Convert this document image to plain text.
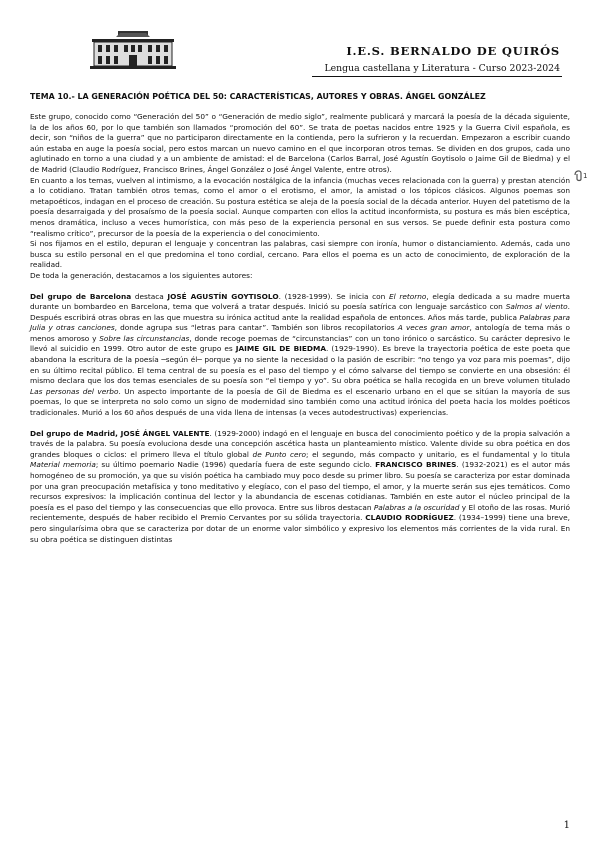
I.E.S. BERNALDO DE QUIRÓS
Lengua castellana y Literatura - Curso 2023-2024
TEMA 10.- LA GENERACIÓN POÉTICA DEL 50: CARACTERÍSTICAS, AUTORES Y OBRAS. ÁNGEL GONZÁLEZ
1

Este grupo, conocido como “Generación del 50” o “Generación de medio siglo”, realmente publicará y marcará la poesía de la década siguiente, la de los años 60, por lo que también son llamados “promoción del 60”. Se trata de poetas nacidos entre 1925 y la Guerra Civil española, es decir, son “niños de la guerra” que no participaron directamente en la contienda, pero la sufrieron y la recuerdan. Empezaron a escribir cuando aún estaba en auge la poesía social, pero estos marcan un nuevo camino en el que incorporan otros temas. Se dividen en dos grupos, cada uno aglutinado en torno a una ciudad y a un ambiente de amistad: el de Barcelona (Carlos Barral, José Agustín Goytisolo o Jaime Gil de Biedma) y el de Madrid (Claudio Rodríguez, Francisco Brines, Ángel González o José Ángel Valente, entre otros).

En cuanto a los temas, vuelven al intimismo, a la evocación nostálgica de la infancia (muchas veces relacionada con la guerra) y prestan atención a lo cotidiano. Tratan también otros temas, como el amor o el erotismo, el amor, la amistad o los tópicos clásicos. Algunos poemas son metapoéticos, indagan en el proceso de creación. Su postura estética se aleja de la poesía social de la década anterior. Huyen del patetismo de la poesía desarraigada y del prosaísmo de la poesía social. Aunque comparten con ellos la actitud inconformista, su postura es más bien escéptica, menos dramática, incluso a veces humorística, con más peso de la experiencia personal en sus versos. Se puede definir esta postura como “realismo crítico”, precursor de la poesía de la experiencia o del conocimiento.

Si nos fijamos en el estilo, depuran el lenguaje y concentran las palabras, casi siempre con ironía, humor o distanciamiento. Además, cada uno busca su estilo personal en el que predomina el tono cordial, cercano. Para ellos el poema es un acto de conocimiento, de exploración de la realidad.

De toda la generación, destacamos a los siguientes autores:

Del grupo de Barcelona destaca JOSÉ AGUSTÍN GOYTISOLO. (1928-1999). Se inicia con El retorno, elegía dedicada a su madre muerta durante un bombardeo en Barcelona, tema que volverá a tratar después. Inició su poesía satírica con lenguaje sarcástico con Salmos al viento. Después escribirá otras obras en las que muestra su irónica actitud ante la realidad española de entonces. Años más tarde, publica Palabras para Julia y otras canciones, donde agrupa sus “letras para cantar”. También son libros recopilatorios A veces gran amor, antología de tema más o menos amoroso y Sobre las circunstancias, donde recoge poemas de “circunstancias” con un tono irónico o sarcástico. Su carácter depresivo le llevó al suicidio en 1999. Otro autor de este grupo es JAIME GIL DE BIEDMA. (1929-1990). Es breve la trayectoria poética de este poeta que abandona la escritura de la poesía ─según él─ porque ya no siente la necesidad o la pasión de escribir: “no tengo ya voz para mis poemas”, dijo en su último recital público. El tema central de su poesía es el paso del tiempo y el cómo salvarse del tiempo se convierte en una obsesión: él mismo declara que los dos temas esenciales de su poesía son “el tiempo y yo”. Su obra poética se halla recogida en un breve volumen titulado Las personas del verbo. Un aspecto importante de la poesía de Gil de Biedma es el escenario urbano en el que se sitúan la mayoría de sus poemas, lo que se interpreta no solo como un signo de modernidad sino también como una actitud irónica del poeta hacia los moldes poéticos tradicionales. Murió a los 60 años después de una vida llena de intensas (a veces autodestructivas) experiencias.

Del grupo de Madrid, JOSÉ ÁNGEL VALENTE. (1929-2000) indagó en el lenguaje en busca del conocimiento poético y de la propia salvación a través de la palabra. Su poesía evoluciona desde una concepción ascética hasta un planteamiento místico. Valente divide su obra poética en dos grandes bloques o ciclos: el primero lleva el título global de Punto cero; el segundo, más compacto y unitario, es el fundamental y lo titula Material memoria; su último poemario Nadie (1996) quedaría fuera de este segundo ciclo. FRANCISCO BRINES. (1932-2021) es el autor más homogéneo de su promoción, ya que su visión poética ha cambiado muy poco desde su primer libro. Su poesía se caracteriza por estar dominada por una gran preocupación metafísica y tono meditativo y elegíaco, con el paso del tiempo, el amor, y la muerte serán sus ejes temáticos. Como recursos expresivos: la implicación continua del lector y la abundancia de escenas cotidianas. También en este autor el núcleo principal de la poesía es el paso del tiempo y las consecuencias que ello provoca. Entre sus libros destacan Palabras a la oscuridad y El otoño de las rosas. Murió recientemente, después de haber recibido el Premio Cervantes por su sólida trayectoria. CLAUDIO RODRÍGUEZ. (1934–1999) tiene una breve, pero singularísima obra que se caracteriza por dotar de un enorme valor simbólico y expresivo los elementos más corrientes de la vida rural. En su obra poética se distinguen distintas

1
